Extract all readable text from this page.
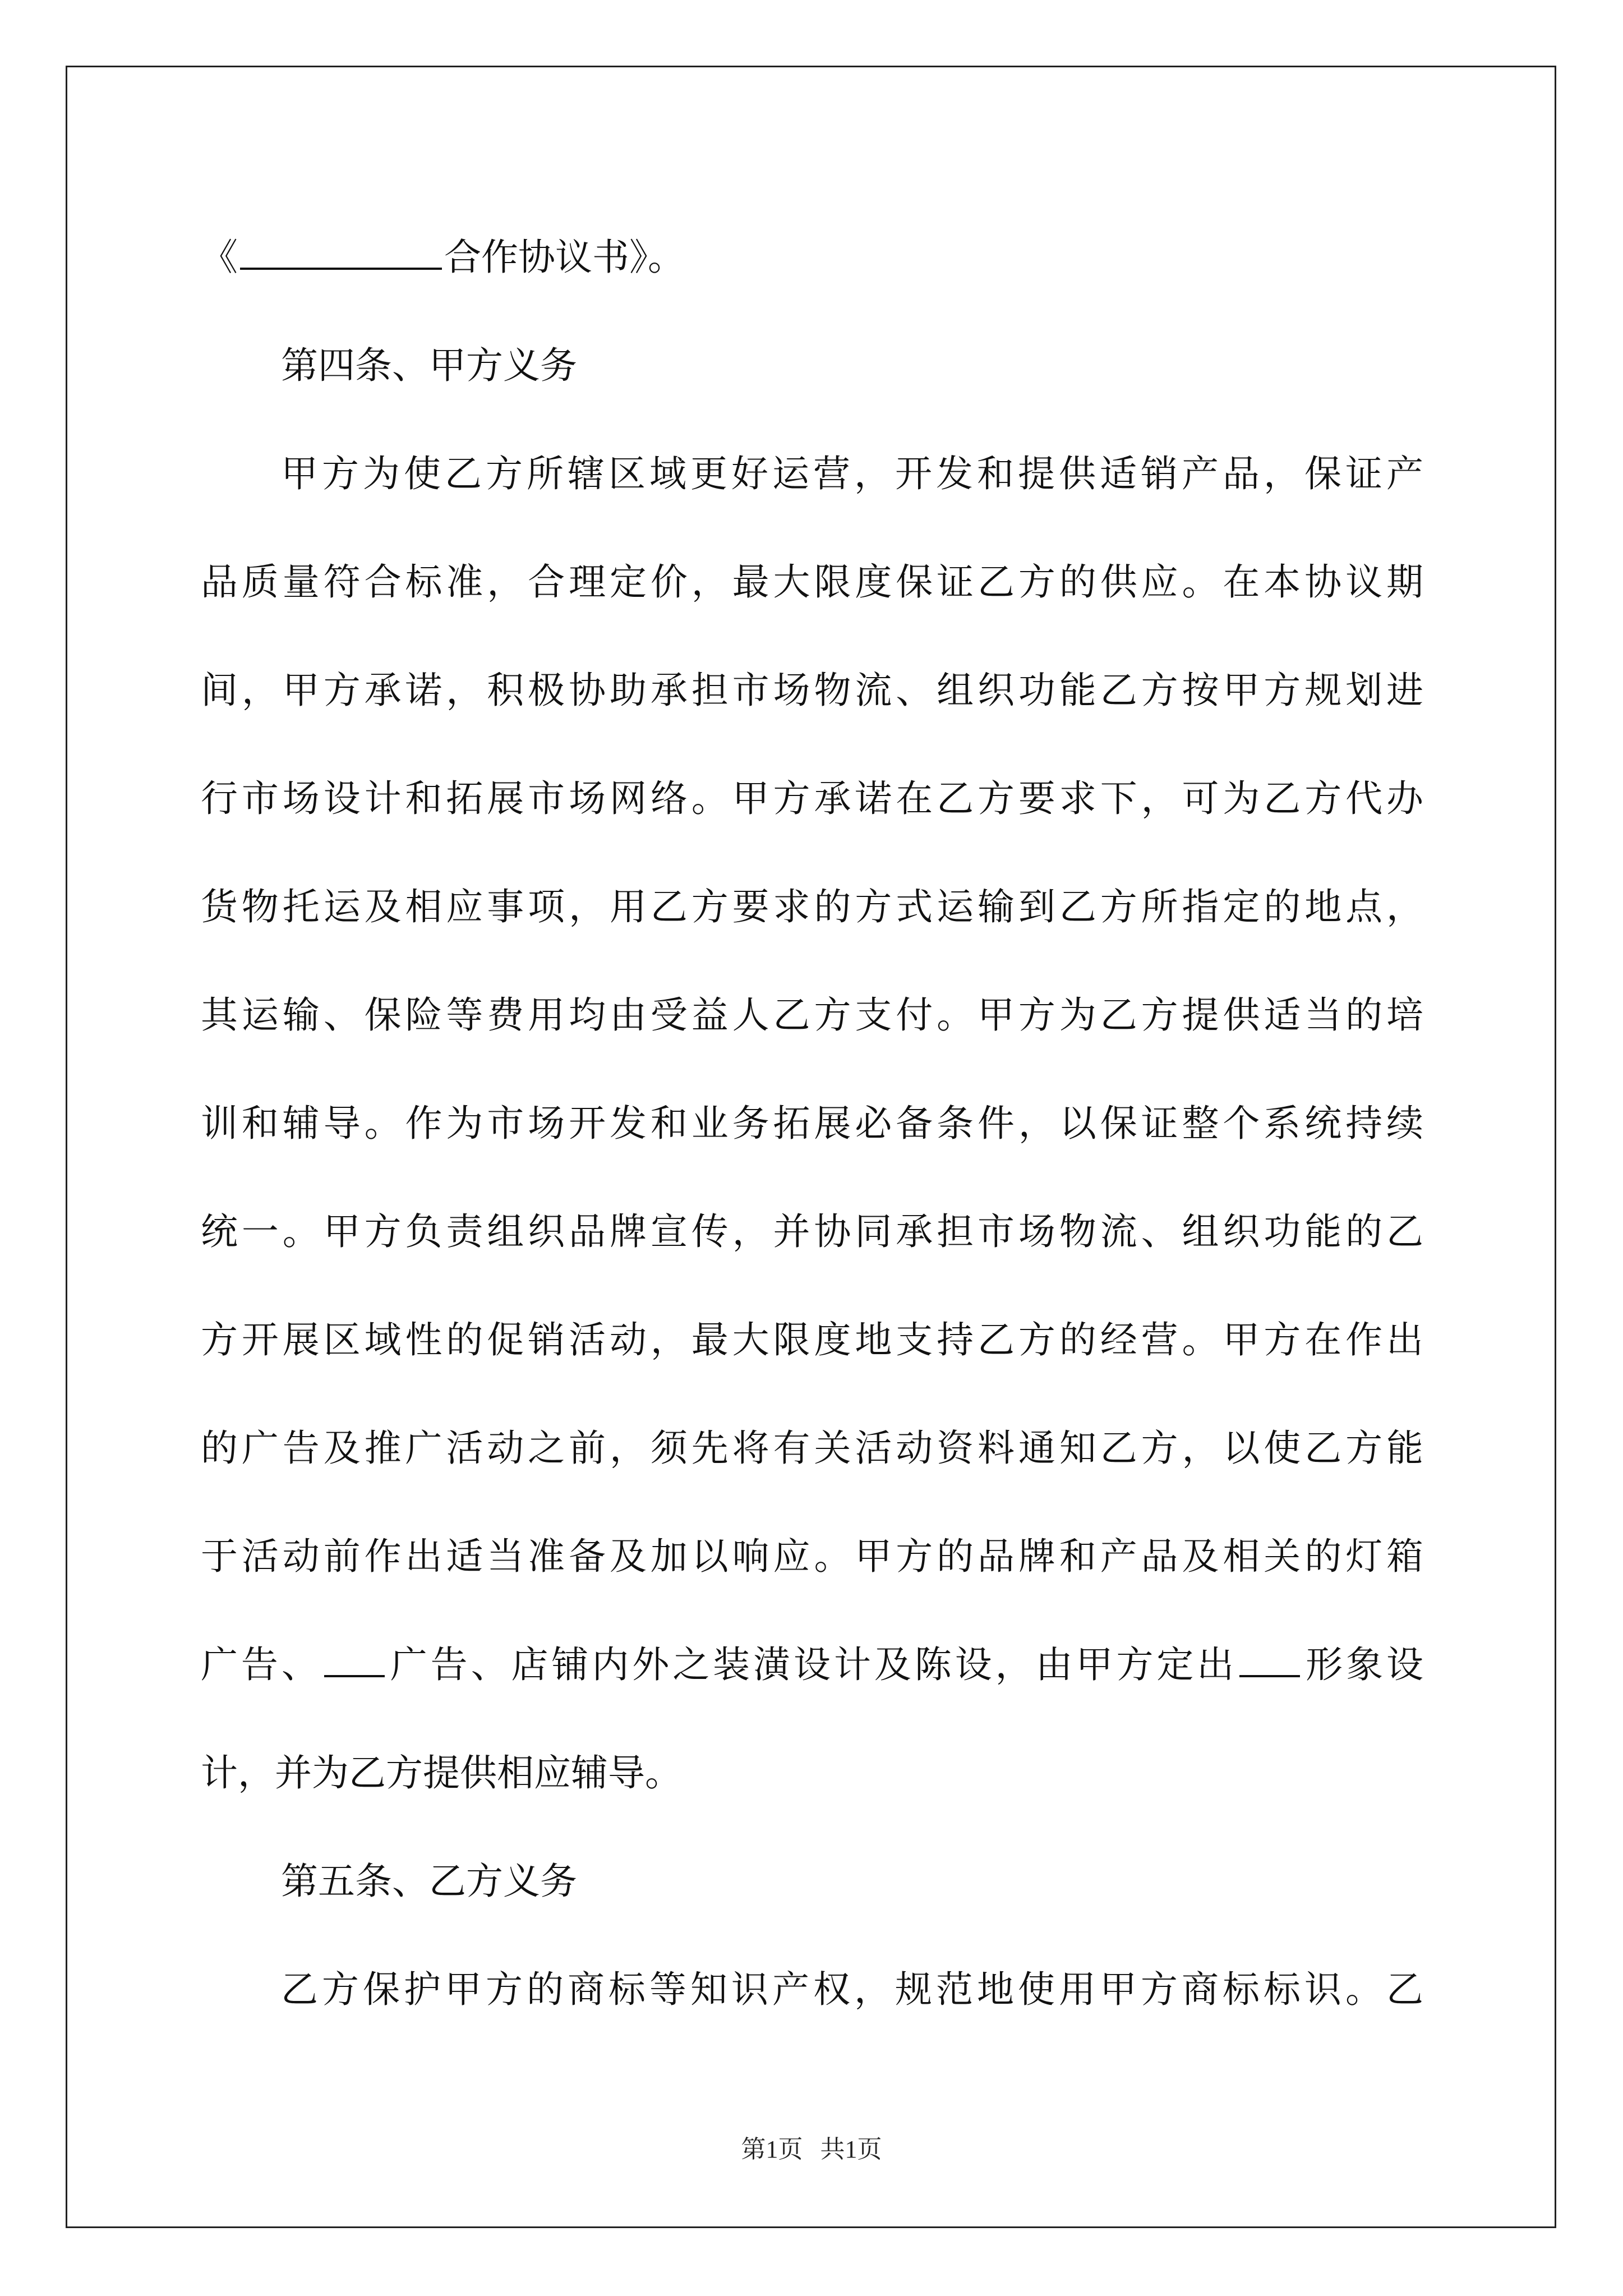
《	合作协议书》。
第四条、甲方义务
甲方为使乙方所辖区域更好运营，开发和提供适销产品，保证产
品质量符合标准，合理定价，最大限度保证乙方的供应。在本协议期
间，甲方承诺，积极协助承担市场物流、组织功能乙方按甲方规划进
行市场设计和拓展市场网络。甲方承诺在乙方要求下，可为乙方代办
货物托运及相应事项，用乙方要求的方式运输到乙方所指定的地点，
其运输、保险等费用均由受益人乙方支付。甲方为乙方提供适当的培
训和辅导。作为市场开发和业务拓展必备条件，以保证整个系统持续
统一。甲方负责组织品牌宣传，并协同承担市场物流、组织功能的乙
方开展区域性的促销活动，最大限度地支持乙方的经营。甲方在作出
的广告及推广活动之前，须先将有关活动资料通知乙方，以使乙方能
于活动前作出适当准备及加以响应。甲方的品牌和产品及相关的灯箱
广告、 广告、店铺内外之装潢设计及陈设，由甲方定出 形象设
计，并为乙方提供相应辅导。
第五条、乙方义务
乙方保护甲方的商标等知识产权，规范地使用甲方商标标识。乙
第1页 共1页
